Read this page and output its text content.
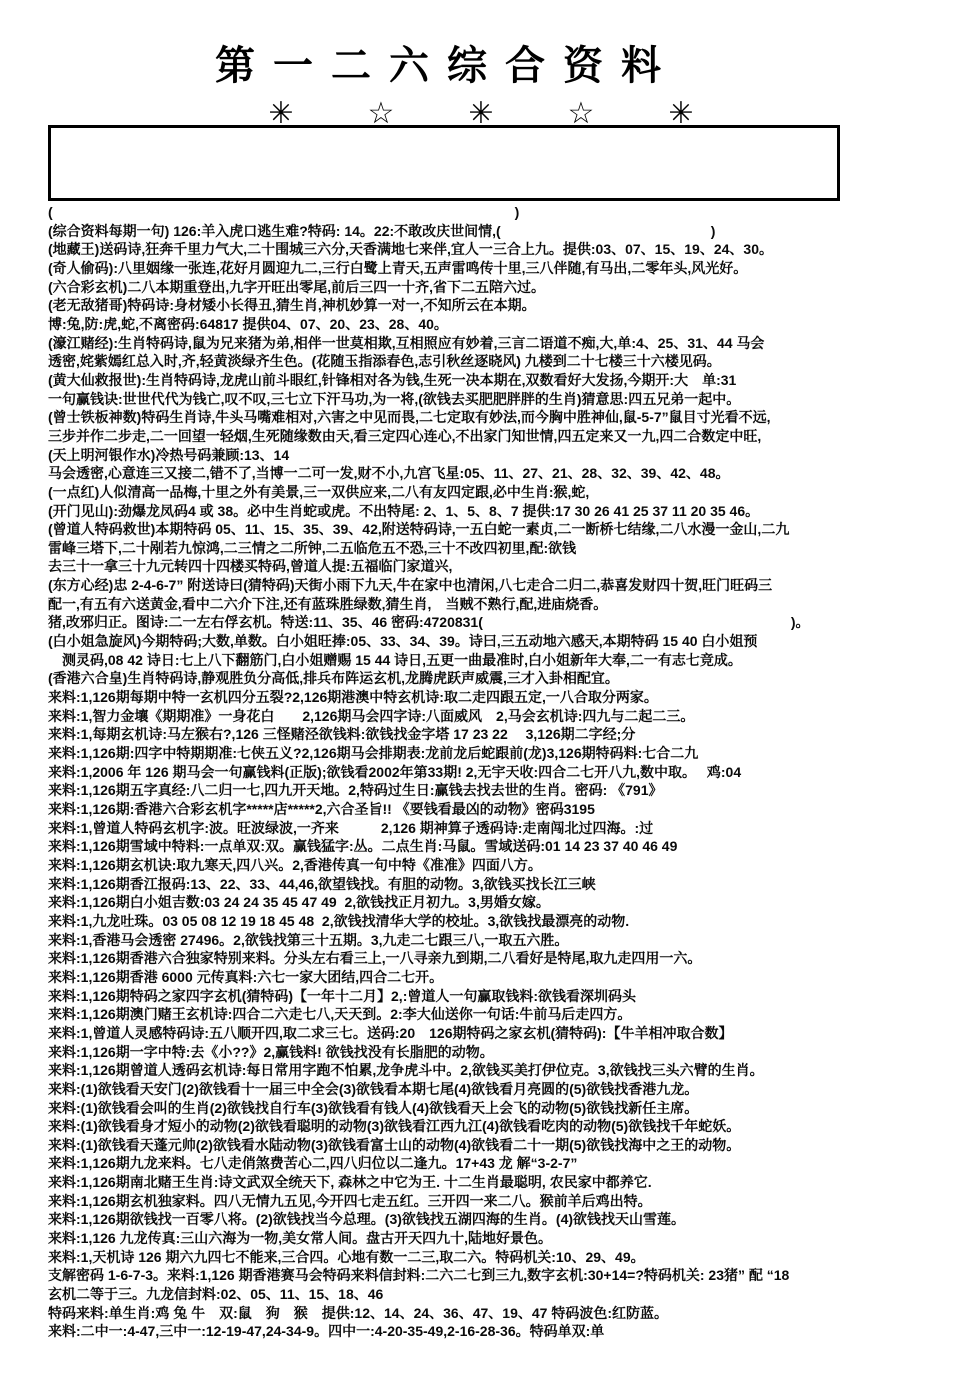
第一二六综合资料
✳ ☆ ✳ ☆ ✳
(　　　　　　　　　　　　　　　　　　　　　　　　　　　　　　　　　)
(综合资料每期一句) 126:羊入虎口逃生难?特码: 14。22:不敢改庆世间情,(　　　　　　　　　　　　　　　)
(地藏王)送码诗,狂奔千里力气大,二十围城三六分,天香满地七来伴,宜人一三合上九。提供:03、07、15、19、24、30。
(奇人偷码):八里姻缘一张连,花好月圆迎九二,三行白鹭上青天,五声雷鸣传十里,三八伴随,有马出,二零年头,风光好。
(六合彩玄机)二八本期重登出,九字开旺出零尾,前后三四一十齐,省下二五陪六过。
(老无敌猪哥)特码诗:身材矮小长得丑,猜生肖,神机妙算一对一,不知所云在本期。
博:兔,防:虎,蛇,不离密码:64817 提供04、07、20、23、28、40。
(濠江赌经):生肖特码诗,鼠为兄来猪为弟,相伴一世莫相欺,互相照应有妙着,三言二语道不痴,大,单:4、25、31、44 马会
透密,姹紫嫣红总入时,齐,轻黄淡绿齐生色。(花随玉指添春色,志引秋丝逐晓风) 九楼到二十七楼三十六楼见码。
(黄大仙救报世):生肖特码诗,龙虎山前斗眼红,针锋相对各为钱,生死一决本期在,双数看好大发扬,今期开:大　单:31
一句赢钱诀:世世代代为钱亡,叹不叹,三七立下汗马功,为一将,(欲钱去买肥肥胖胖的生肖)猜意思:四五兄弟一起中。
(曾士铁板神数)特码生肖诗,牛头马嘴难相对,六害之中见而畏,二七定取有妙法,而今胸中胜神仙,鼠-5-7”鼠目寸光看不远,
三步并作二步走,二一回望一轻烟,生死随缘数由天,看三定四心连心,不出家门知世情,四五定来又一九,四二合数定中旺,
(天上明河银作水)冷热号码兼顾:13、14
马会透密,心意连三又接二,错不了,当博一二可一发,财不小,九宫飞星:05、11、27、21、28、32、39、42、48。
(一点红)人似清高一品梅,十里之外有美景,三一双供应来,二八有友四定跟,必中生肖:猴,蛇,
(开门见山):劲爆龙凤码4 或 38。必中生肖蛇或虎。不出特尾: 2、1、5、8、7 提供:17 30 26 41 25 37 11 20 35 46。
(曾道人特码救世)本期特码 05、11、15、35、39、42,附送特码诗,一五白蛇一素贞,二一断桥七结缘,二八水漫一金山,二九
雷峰三塔下,二十剐若九惊鸿,二三情之二所钟,二五临危五不恐,三十不改四初里,配:欲钱
去三十一拿三十九元转四十四楼买特码,曾道人提:五福临门家道兴,
(东方心经)忠 2-4-6-7” 附送诗曰(猜特码)天街小雨下九天,牛在家中也清闲,八七走合二归二,恭喜发财四十贺,旺门旺码三
配一,有五有六送黄金,看中二六介下注,还有蓝珠胜绿数,猜生肖,　当贼不熟行,配,进庙烧香。
猪,改邪归正。图诗:二一左右俘玄机。特送:11、35、46 密码:4720831(　　　　　　　　　　　　　　　　　　　　　　)。
(白小姐急旋风)今期特码;大数,单数。白小姐旺捧:05、33、34、39。诗曰,三五动地六感天,本期特码 15 40 白小姐预
　测灵码,08 42 诗日:七上八下翻筋门,白小姐赠赐 15 44 诗日,五更一曲最准时,白小姐新年大奉,二一有志七竞成。
(香港六合皇)生肖特码诗,静观胜负分高低,排兵布阵运玄机,龙腾虎跃声威震,三才入卦相配宜。
来料:1,126期每期中特一玄机四分五裂?2,126期港澳中特玄机诗:取二走四跟五定,一八合取分两家。
来料:1,智力金壤《期期准》一身花白　　2,126期马会四字诗:八面威风　2,马会玄机诗:四九与二起二三。
来料:1,每期玄机诗:马左猴右?,126 三怪赌泾欲钱料:欲钱找金字塔 17 23 22　 3,126期二字经;分
来料:1,126期:四字中特期期准:七侠五义?2,126期马会排期表:龙前龙后蛇跟前(龙)3,126期特码料:七合二九
来料:1,2006 年 126 期马会一句赢钱料(正版);欲钱看2002年第33期! 2,无宇天收:四合二七开八九,数中取。　 鸡:04
来料:1,126期五字真经:八二归一七,四九开天地。2,特码过生日:赢钱去找去世的生肖。密码: 《791》
来料:1,126期:香港六合彩玄机字*****店*****2,六合圣旨!! 《要钱看最凶的动物》密码3195
来料:1,曾道人特码玄机字:波。旺波绿波,一齐来　　　2,126 期神算子透码诗:走南闯北过四海。:过
来料:1,126期雪域中特料:一点单双:双。赢钱猛字:丛。二点生肖:马鼠。雪域送码:01 14 23 37 40 46 49
来料:1,126期玄机诀:取九寒天,四八兴。2,香港传真一句中特《准准》四面八方。
来料:1,126期香江报码:13、22、33、44,46,欲望钱找。有胆的动物。3,欲钱买找长江三峡
来料:1,126期白小姐吉数:03 24 24 35 45 47 49  2,欲钱找正月初九。3,男婚女嫁。
来料:1,九龙吐珠。03 05 08 12 19 18 45 48  2,欲钱找清华大学的校址。3,欲钱找最漂亮的动物.
来料:1,香港马会透密 27496。2,欲钱找第三十五期。3,九走二七跟三八,一取五六胜。
来料:1,126期香港六合独家特别来料。分头左右看三上,一八寻亲九到期,二八看好是特尾,取九走四用一六。
来料:1,126期香港 6000 元传真料:六七一家大团结,四合二七开。
来料:1,126期特码之家四字玄机(猜特码)【一年十二月】2,:曾道人一句赢取钱料:欲钱看深圳码头
来料:1,126期澳门赌王玄机诗:四合二六走七八,天天到。2:李大仙送你一句话:牛前马后走四方。
来料:1,曾道人灵感特码诗:五八顺开四,取二求三七。送码:20　126期特码之家玄机(猜特码):【牛羊相冲取合数】
来料:1,126期一字中特:去《小??》2,赢钱料! 欲钱找没有长脂肥的动物。
来料:1,126期曾道人透码玄机诗:每日常用字跑不怕累,龙争虎斗中。2,欲钱买美打伊位克。3,欲钱找三头六臂的生肖。
来料:(1)欲钱看天安门(2)欲钱看十一届三中全会(3)欲钱看本期七尾(4)欲钱看月亮圆的(5)欲钱找香港九龙。
来料:(1)欲钱看会叫的生肖(2)欲钱找自行车(3)欲钱看有钱人(4)欲钱看天上会飞的动物(5)欲钱找新任主席。
来料:(1)欲钱看身才短小的动物(2)欲钱看聪明的动物(3)欲钱看江西九江(4)欲钱看吃肉的动物(5)欲钱找千年蛇妖。
来料:(1)欲钱看天蓬元帅(2)欲钱看水陆动物(3)欲钱看富士山的动物(4)欲钱看二十一期(5)欲钱找海中之王的动物。
来料:1,126期九龙来料。七八走俏煞费苦心二,四八归位以二逢九。17+43 龙 解“3-2-7”
来料:1,126期南北赌王生肖:诗文武双全统天下, 森林之中它为王. 十二生肖最聪明, 农民家中都养它.
来料:1,126期玄机独家料。四八无情九五见,今开四七走五红。三开四一来二八。猴前羊后鸡出特。
来料:1,126期欲钱找一百零八将。(2)欲钱找当今总理。(3)欲钱找五湖四海的生肖。(4)欲钱找天山雪莲。
来料:1,126 九龙传真:三山六海为一物,美女常人间。盘古开天四九十,陆地好景色。
来料:1,天机诗 126 期六九四七不能来,三合四。心地有数一二三,取二六。特码机关:10、29、49。
支解密码 1-6-7-3。来料:1,126 期香港赛马会特码来料信封料:二六二七到三九,数字玄机:30+14=?特码机关: 23猪” 配 “18
玄机二等于三。九龙信封料:02、05、11、15、18、46
特码来料:单生肖:鸡 兔 牛　双:鼠　狗　猴　提供:12、14、24、36、47、19、47 特码波色:红防蓝。
来料:二中一:4-47,三中一:12-19-47,24-34-9。四中一:4-20-35-49,2-16-28-36。特码单双:单
